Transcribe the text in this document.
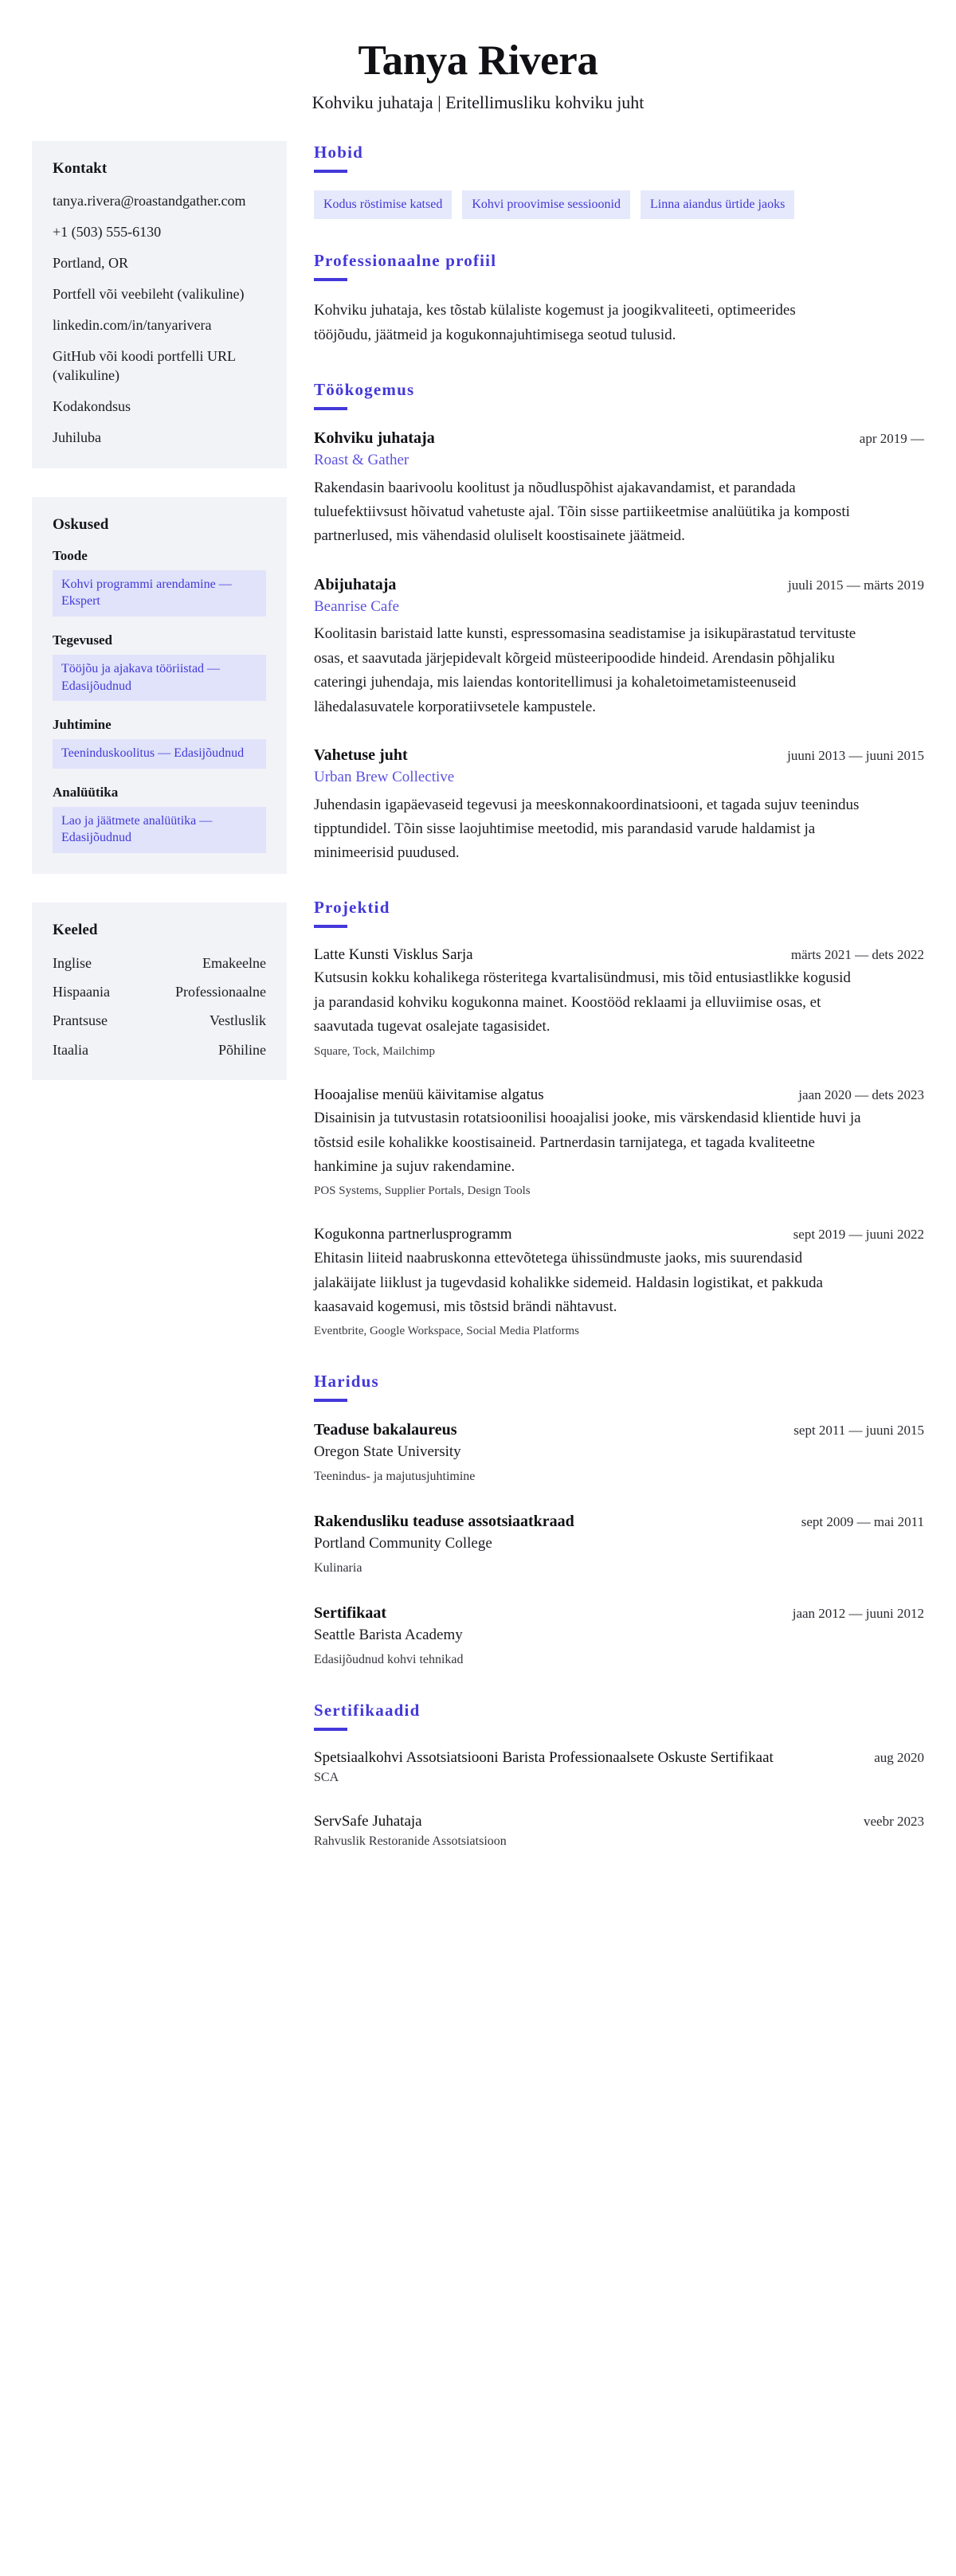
Tanya Rivera

Kohviku juhataja | Eritellimusliku kohviku juht

Kontakt
tanya.rivera@roastandgather.com
+1 (503) 555-6130
Portland, OR
Portfell või veebileht (valikuline)
linkedin.com/in/tanyarivera
GitHub või koodi portfelli URL (valikuline)
Kodakondsus
Juhiluba
Oskused
Toode
Kohvi programmi arendamine — Ekspert
Tegevused
Tööjõu ja ajakava tööriistad — Edasijõudnud
Juhtimine
Teeninduskoolitus — Edasijõudnud
Analüütika
Lao ja jäätmete analüütika — Edasijõudnud
Keeled
Inglise	Emakeelne
Hispaania	Professionaalne
Prantsuse	Vestluslik
Itaalia	Põhiline
Hobid
Kodus röstimise katsed	Kohvi proovimise sessioonid	Linna aiandus ürtide jaoks
Professionaalne profiil

Kohviku juhataja, kes tõstab külaliste kogemust ja joogikvaliteeti, optimeerides tööjõudu, jäätmeid ja kogukonnajuhtimisega seotud tulusid.

Töökogemus
Kohviku juhataja	apr 2019 —
Roast & Gather

Rakendasin baarivoolu koolitust ja nõudluspõhist ajakavandamist, et parandada tuluefektiivsust hõivatud vahetuste ajal. Tõin sisse partiikeetmise analüütika ja komposti partnerlused, mis vähendasid oluliselt koostisainete jäätmeid.

Abijuhataja	juuli 2015 — märts 2019
Beanrise Cafe

Koolitasin baristaid latte kunsti, espressomasina seadistamise ja isikupärastatud tervituste osas, et saavutada järjepidevalt kõrgeid müsteeripoodide hindeid. Arendasin põhjaliku cateringi juhendaja, mis laiendas kontoritellimusi ja kohaletoimetamisteenuseid lähedalasuvatele korporatiivsetele kampustele.

Vahetuse juht	juuni 2013 — juuni 2015
Urban Brew Collective

Juhendasin igapäevaseid tegevusi ja meeskonnakoordinatsiooni, et tagada sujuv teenindus tipptundidel. Tõin sisse laojuhtimise meetodid, mis parandasid varude haldamist ja minimeerisid puudused.

Projektid
Latte Kunsti Visklus Sarja	märts 2021 — dets 2022

Kutsusin kokku kohalikega rösteritega kvartalisündmusi, mis tõid entusiastlikke kogusid ja parandasid kohviku kogukonna mainet. Koostööd reklaami ja elluviimise osas, et saavutada tugevat osalejate tagasisidet.

Square, Tock, Mailchimp

Hooajalise menüü käivitamise algatus	jaan 2020 — dets 2023

Disainisin ja tutvustasin rotatsioonilisi hooajalisi jooke, mis värskendasid klientide huvi ja tõstsid esile kohalikke koostisaineid. Partnerdasin tarnijatega, et tagada kvaliteetne hankimine ja sujuv rakendamine.

POS Systems, Supplier Portals, Design Tools

Kogukonna partnerlusprogramm	sept 2019 — juuni 2022

Ehitasin liiteid naabruskonna ettevõtetega ühissündmuste jaoks, mis suurendasid jalakäijate liiklust ja tugevdasid kohalikke sidemeid. Haldasin logistikat, et pakkuda kaasavaid kogemusi, mis tõstsid brändi nähtavust.

Eventbrite, Google Workspace, Social Media Platforms

Haridus
Teaduse bakalaureus	sept 2011 — juuni 2015
Oregon State University

Teenindus- ja majutusjuhtimine

Rakendusliku teaduse assotsiaatkraad	sept 2009 — mai 2011
Portland Community College

Kulinaria

Sertifikaat	jaan 2012 — juuni 2012
Seattle Barista Academy

Edasijõudnud kohvi tehnikad

Sertifikaadid
Spetsiaalkohvi Assotsiatsiooni Barista Professionaalsete Oskuste Sertifikaat	aug 2020

SCA

ServSafe Juhataja	veebr 2023

Rahvuslik Restoranide Assotsiatsioon
